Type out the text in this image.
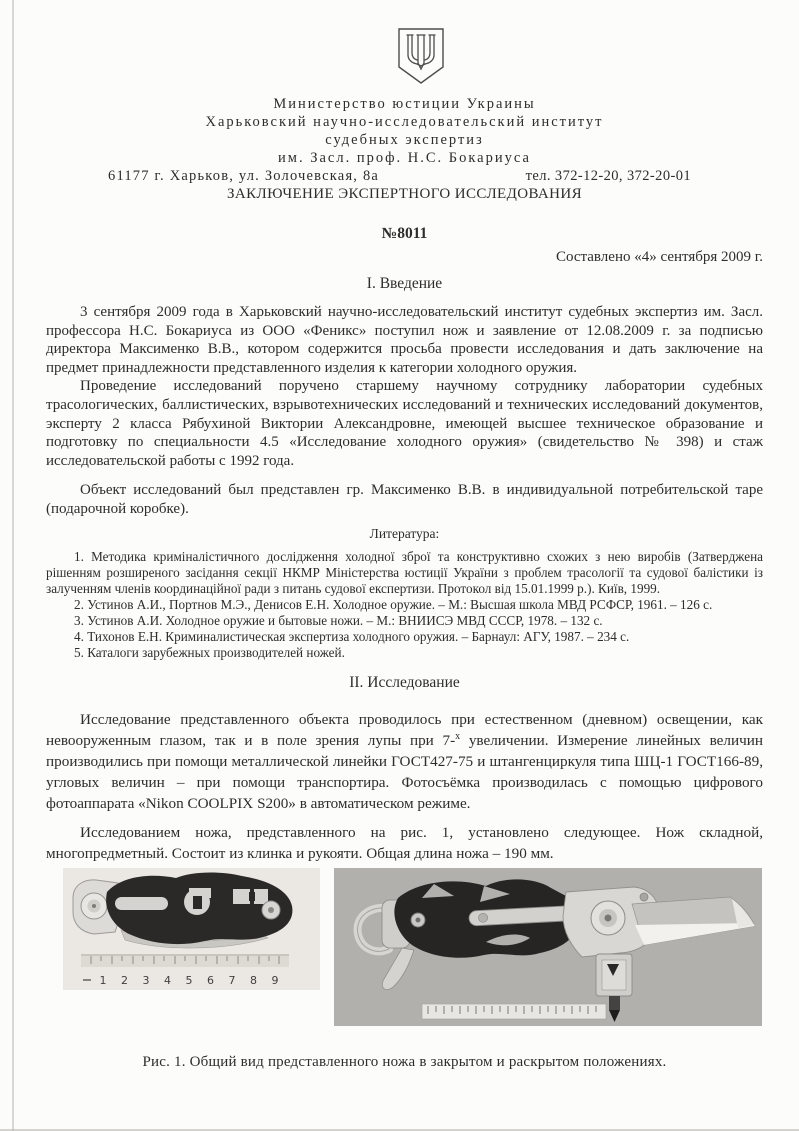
Министерство юстиции Украины
Харьковский научно-исследовательский институт
судебных экспертиз
им. Засл. проф. Н.С. Бокариуса
61177 г. Харьков, ул. Золочевская, 8а	тел. 372-12-20, 372-20-01
ЗАКЛЮЧЕНИЕ ЭКСПЕРТНОГО ИССЛЕДОВАНИЯ
№8011
Составлено «4» сентября 2009 г.
I. Введение

3 сентября 2009 года в Харьковский научно-исследовательский институт судебных экспертиз им. Засл. профессора Н.С. Бокариуса из ООО «Феникс» поступил нож и заявление от 12.08.2009 г. за подписью директора Максименко В.В., котором содержится просьба провести исследования и дать заключение на предмет принадлежности представленного изделия к категории холодного оружия.

Проведение исследований поручено старшему научному сотруднику лаборатории судебных трасологических, баллистических, взрывотехнических исследований и технических исследований документов, эксперту 2 класса Рябухиной Виктории Александровне, имеющей высшее техническое образование и подготовку по специальности 4.5 «Исследование холодного оружия» (свидетельство № 398) и стаж исследовательской работы с 1992 года.

Объект исследований был представлен гр. Максименко В.В. в индивидуальной потребительской таре (подарочной коробке).

Литература:

1. Методика криміналістичного дослідження холодної зброї та конструктивно схожих з нею виробів (Затверджена рішенням розширеного засідання секції НКМР Міністерства юстиції України з проблем трасології та судової балістики із залученням членів координаційної ради з питань судової експертизи. Протокол від 15.01.1999 р.). Київ, 1999.

2. Устинов А.И., Портнов М.Э., Денисов Е.Н. Холодное оружие. – М.: Высшая школа МВД РСФСР, 1961. – 126 с.

3. Устинов А.И. Холодное оружие и бытовые ножи. – М.: ВНИИСЭ МВД СССР, 1978. – 132 с.

4. Тихонов Е.Н. Криминалистическая экспертиза холодного оружия. – Барнаул: АГУ, 1987. – 234 с.

5. Каталоги зарубежных производителей ножей.

II. Исследование

Исследование представленного объекта проводилось при естественном (дневном) освещении, как невооруженным глазом, так и в поле зрения лупы при 7-$^х$ увеличении. Измерение линейных величин производились при помощи металлической линейки ГОСТ427-75 и штангенциркуля типа ШЦ-1 ГОСТ166-89, угловых величин – при помощи транспортира. Фотосъёмка производилась с помощью цифрового фотоаппарата «Nikon COOLPIX S200» в автоматическом режиме.

Исследованием ножа, представленного на рис. 1, установлено следующее. Нож складной, многопредметный. Состоит из клинка и рукояти. Общая длина ножа – 190 мм.

1 2 3 4 5 6 7 8 9
Рис. 1. Общий вид представленного ножа в закрытом и раскрытом положениях.
